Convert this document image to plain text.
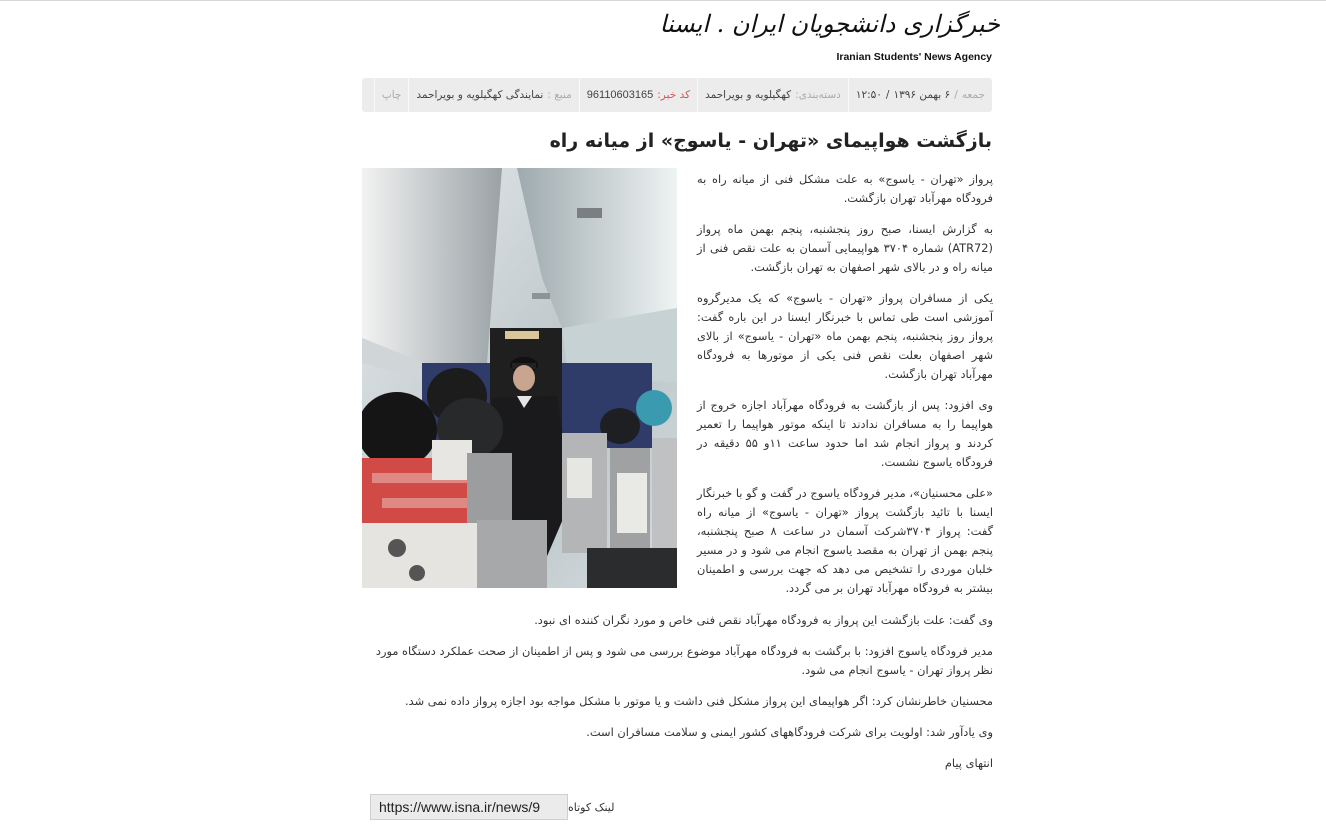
خبرگزاری دانشجویان ایران . ایسنا
Iranian Students' News Agency
جمعه
/
۶ بهمن ۱۳۹۶
/
۱۲:۵۰
دسته‌بندی:
کهگیلویه و بویراحمد
کد خبر:
96110603165
منبع :
نمایندگی کهگیلویه و بویراحمد
چاپ
بازگشت هواپیمای «تهران - یاسوج» از میانه راه

پرواز «تهران - یاسوج» به علت مشکل فنی از میانه راه به فرودگاه مهرآباد تهران بازگشت.

به گزارش ایسنا، صبح روز پنجشنبه، پنجم بهمن ماه پرواز (ATR72) شماره ۳۷۰۴ هواپیمایی آسمان به علت نقص فنی از میانه راه و در بالای شهر اصفهان به تهران بازگشت.

یکی از مسافران پرواز «تهران - یاسوج» که یک مدیرگروه آموزشی است طی تماس با خبرنگار ایسنا در این باره گفت: پرواز روز پنجشنبه، پنجم بهمن ماه «تهران - یاسوج» از بالای شهر اصفهان بعلت نقص فنی یکی از موتورها به فرودگاه مهرآباد تهران بازگشت.

وی افزود: پس از بازگشت به فرودگاه مهرآباد اجازه خروج از هواپیما را به مسافران ندادند تا اینکه موتور هواپیما را تعمیر کردند و پرواز انجام شد اما حدود ساعت ۱۱و ۵۵ دقیقه در فرودگاه یاسوج نشست.

«علی محسنیان»، مدیر فرودگاه یاسوج در گفت و گو با خبرنگار ایسنا با تائید بازگشت پرواز «تهران - یاسوج» از میانه راه گفت: پرواز ۳۷۰۴شرکت آسمان در ساعت ۸ صبح پنجشنبه، پنجم بهمن از تهران به مقصد یاسوج انجام می شود و در مسیر خلبان موردی را تشخیص می دهد که جهت بررسی و اطمینان بیشتر به فرودگاه مهرآباد تهران بر می گردد.

وی گفت: علت بازگشت این پرواز به فرودگاه مهرآباد نقص فنی خاص و مورد نگران کننده ای نبود.

مدیر فرودگاه یاسوج افزود: با برگشت به فرودگاه مهرآباد موضوع بررسی می شود و پس از اطمینان از صحت عملکرد دستگاه مورد نظر پرواز تهران - یاسوج انجام می شود.

محسنیان خاطرنشان کرد: اگر هواپیمای این پرواز مشکل فنی داشت و یا موتور با مشکل مواجه بود اجازه پرواز داده نمی شد.

وی یادآور شد: اولویت برای شرکت فرودگاههای کشور ایمنی و سلامت مسافران است.

انتهای پیام

لینک کوتاه
https://www.isna.ir/news/9
